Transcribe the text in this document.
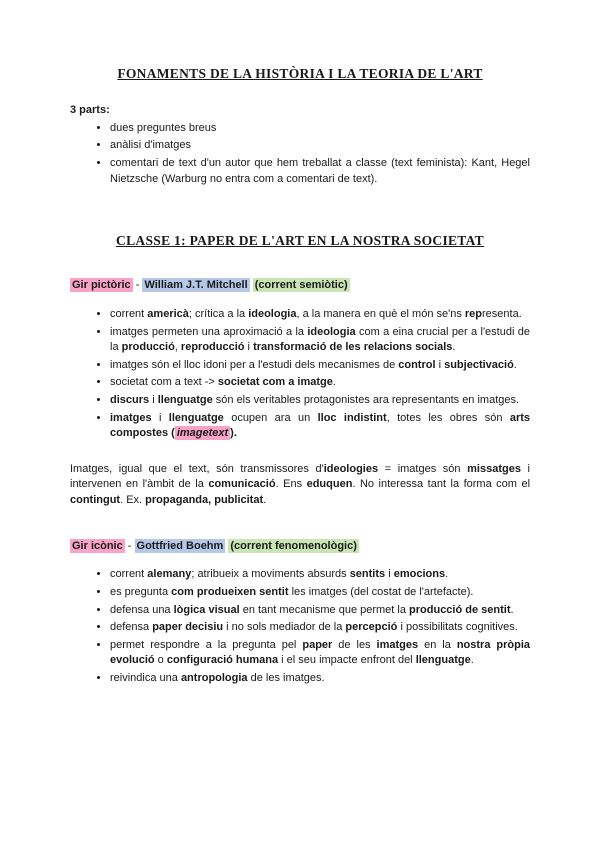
FONAMENTS DE LA HISTÒRIA I LA TEORIA DE L'ART

3 parts:

• dues preguntes breus
• anàlisi d'imatges
• comentari de text d'un autor que hem treballat a classe (text feminista): Kant, Hegel Nietzsche (Warburg no entra com a comentari de text).
CLASSE 1: PAPER DE L'ART EN LA NOSTRA SOCIETAT

Gir pictòric - William J.T. Mitchell (corrent semiòtic)

• corrent americà; crítica a la ideologia, a la manera en què el món se'ns representa.
• imatges permeten una aproximació a la ideologia com a eina crucial per a l'estudi de la producció, reproducció i transformació de les relacions socials.
• imatges són el lloc idoni per a l'estudi dels mecanismes de control i subjectivació.
• societat com a text -> societat com a imatge.
• discurs i llenguatge són els veritables protagonistes ara representants en imatges.
• imatges i llenguatge ocupen ara un lloc indistint, totes les obres són arts compostes ( imagetext ).

Imatges, igual que el text, són transmissores d'ideologies = imatges són missatges i intervenen en l'àmbit de la comunicació. Ens eduquen. No interessa tant la forma com el contingut. Ex. propaganda, publicitat.

Gir icònic - Gottfried Boehm (corrent fenomenològic)

• corrent alemany; atribueix a moviments absurds sentits i emocions.
• es pregunta com produeixen sentit les imatges (del costat de l'artefacte).
• defensa una lògica visual en tant mecanisme que permet la producció de sentit.
• defensa paper decisiu i no sols mediador de la percepció i possibilitats cognitives.
• permet respondre a la pregunta pel paper de les imatges en la nostra pròpia evolució o configuració humana i el seu impacte enfront del llenguatge.
• reivindica una antropologia de les imatges.
